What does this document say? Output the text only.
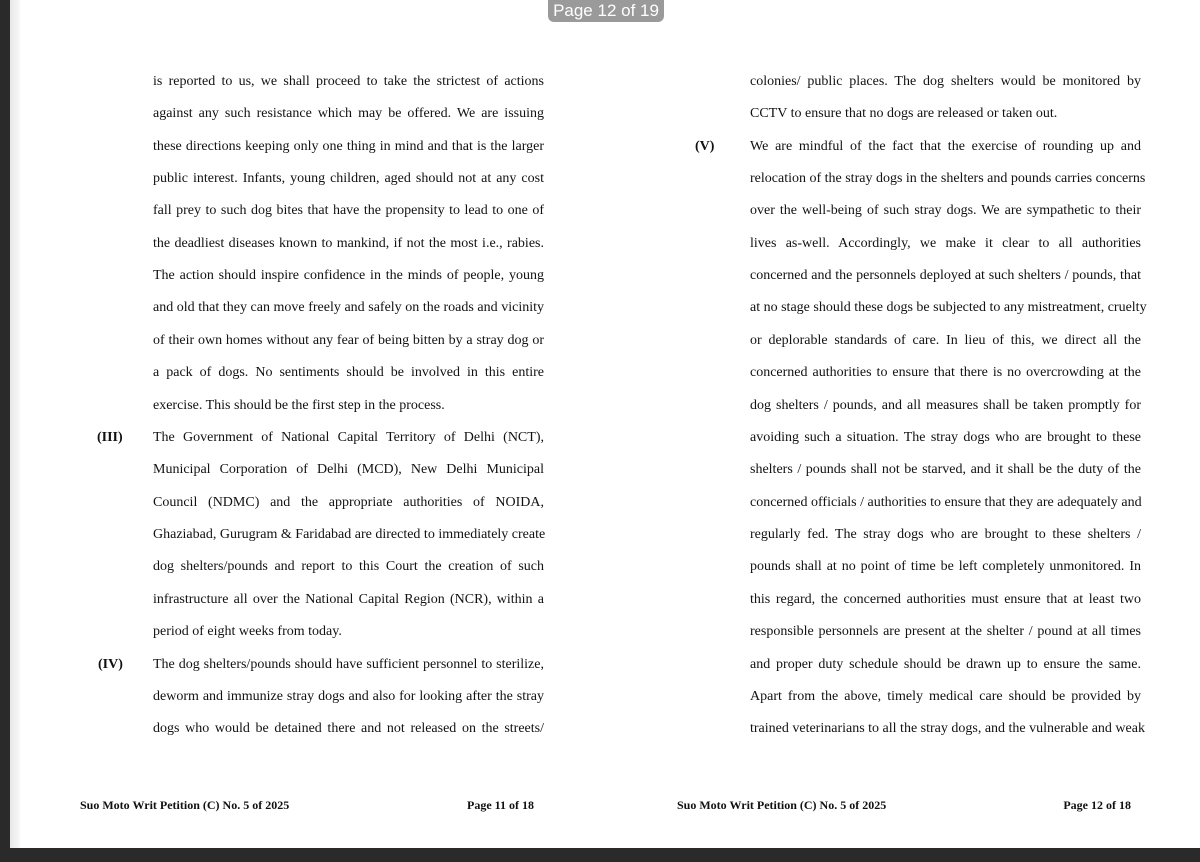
is reported to us, we shall proceed to take the strictest of actions
against any such resistance which may be offered. We are issuing
these directions keeping only one thing in mind and that is the larger
public interest. Infants, young children, aged should not at any cost
fall prey to such dog bites that have the propensity to lead to one of
the deadliest diseases known to mankind, if not the most i.e., rabies.
The action should inspire confidence in the minds of people, young
and old that they can move freely and safely on the roads and vicinity
of their own homes without any fear of being bitten by a stray dog or
a pack of dogs. No sentiments should be involved in this entire
exercise. This should be the first step in the process.
(III) The Government of National Capital Territory of Delhi (NCT),
Municipal Corporation of Delhi (MCD), New Delhi Municipal
Council (NDMC) and the appropriate authorities of NOIDA,
Ghaziabad, Gurugram & Faridabad are directed to immediately create
dog shelters/pounds and report to this Court the creation of such
infrastructure all over the National Capital Region (NCR), within a
period of eight weeks from today.
(IV) The dog shelters/pounds should have sufficient personnel to sterilize,
deworm and immunize stray dogs and also for looking after the stray
dogs who would be detained there and not released on the streets/
Suo Moto Writ Petition (C) No. 5 of 2025	Page 11 of 18
colonies/ public places. The dog shelters would be monitored by
CCTV to ensure that no dogs are released or taken out.
(V)	We are mindful of the fact that the exercise of rounding up and
relocation of the stray dogs in the shelters and pounds carries concerns
over the well-being of such stray dogs. We are sympathetic to their
lives as-well. Accordingly, we make it clear to all authorities
concerned and the personnels deployed at such shelters / pounds, that
at no stage should these dogs be subjected to any mistreatment, cruelty
or deplorable standards of care. In lieu of this, we direct all the
concerned authorities to ensure that there is no overcrowding at the
dog shelters / pounds, and all measures shall be taken promptly for
avoiding such a situation. The stray dogs who are brought to these
shelters / pounds shall not be starved, and it shall be the duty of the
concerned officials / authorities to ensure that they are adequately and
regularly fed. The stray dogs who are brought to these shelters /
pounds shall at no point of time be left completely unmonitored. In
this regard, the concerned authorities must ensure that at least two
responsible personnels are present at the shelter / pound at all times
and proper duty schedule should be drawn up to ensure the same.
Apart from the above, timely medical care should be provided by
trained veterinarians to all the stray dogs, and the vulnerable and weak
Suo Moto Writ Petition (C) No. 5 of 2025	Page 12 of 18
Page 12 of 19
